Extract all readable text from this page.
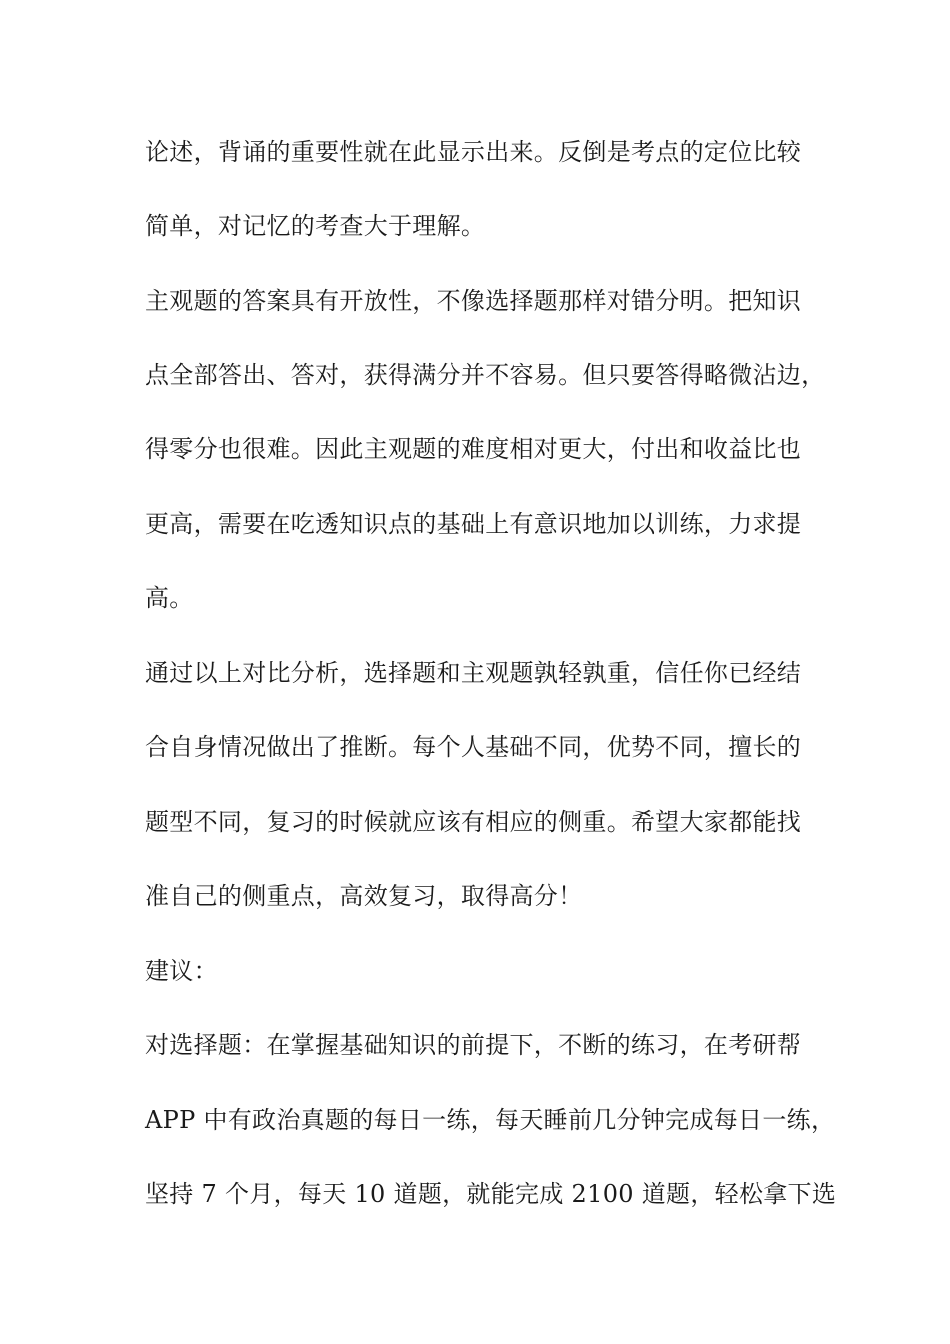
论述，背诵的重要性就在此显示出来。反倒是考点的定位比较
简单，对记忆的考查大于理解。
主观题的答案具有开放性，不像选择题那样对错分明。把知识
点全部答出、答对，获得满分并不容易。但只要答得略微沾边，
得零分也很难。因此主观题的难度相对更大，付出和收益比也
更高，需要在吃透知识点的基础上有意识地加以训练，力求提
高。
通过以上对比分析，选择题和主观题孰轻孰重，信任你已经结
合自身情况做出了推断。每个人基础不同，优势不同，擅长的
题型不同，复习的时候就应该有相应的侧重。希望大家都能找
准自己的侧重点，高效复习，取得高分！
建议：
对选择题：在掌握基础知识的前提下，不断的练习，在考研帮
APP 中有政治真题的每日一练，每天睡前几分钟完成每日一练，
坚持 7 个月，每天 10 道题，就能完成 2100 道题，轻松拿下选
